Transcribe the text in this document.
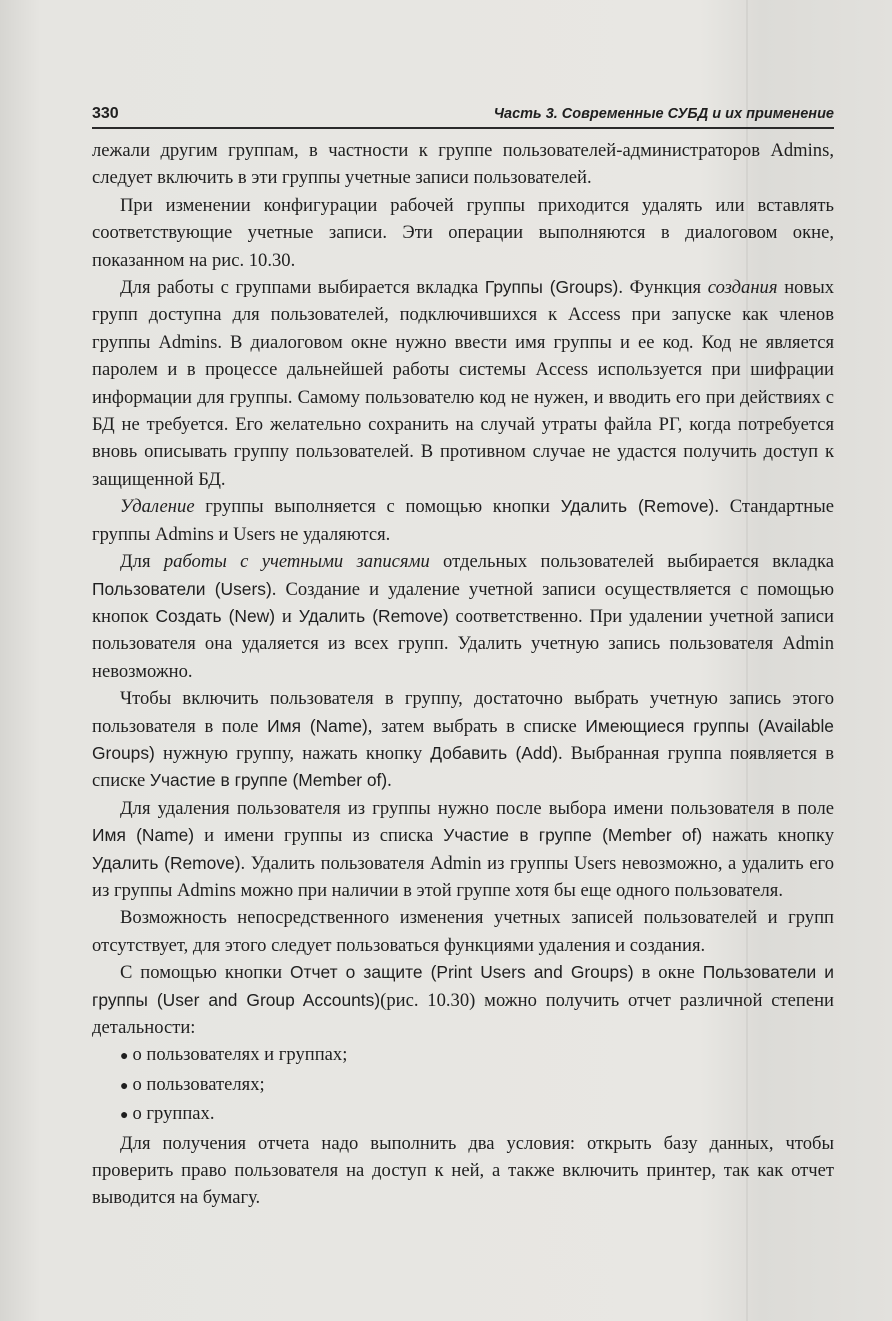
330	Часть 3. Современные СУБД и их применение

лежали другим группам, в частности к группе пользователей-администраторов Admins, следует включить в эти группы учетные записи пользователей.

При изменении конфигурации рабочей группы приходится удалять или вставлять соответствующие учетные записи. Эти операции выполняются в диалоговом окне, показанном на рис. 10.30.

Для работы с группами выбирается вкладка Группы (Groups). Функция создания новых групп доступна для пользователей, подключившихся к Access при запуске как членов группы Admins. В диалоговом окне нужно ввести имя группы и ее код. Код не является паролем и в процессе дальнейшей работы системы Access используется при шифрации информации для группы. Самому пользователю код не нужен, и вводить его при действиях с БД не требуется. Его желательно сохранить на случай утраты файла РГ, когда потребуется вновь описывать группу пользователей. В противном случае не удастся получить доступ к защищенной БД.

Удаление группы выполняется с помощью кнопки Удалить (Remove). Стандартные группы Admins и Users не удаляются.

Для работы с учетными записями отдельных пользователей выбирается вкладка Пользователи (Users). Создание и удаление учетной записи осуществляется с помощью кнопок Создать (New) и Удалить (Remove) соответственно. При удалении учетной записи пользователя она удаляется из всех групп. Удалить учетную запись пользователя Admin невозможно.

Чтобы включить пользователя в группу, достаточно выбрать учетную запись этого пользователя в поле Имя (Name), затем выбрать в списке Имеющиеся группы (Available Groups) нужную группу, нажать кнопку Добавить (Add). Выбранная группа появляется в списке Участие в группе (Member of).

Для удаления пользователя из группы нужно после выбора имени пользователя в поле Имя (Name) и имени группы из списка Участие в группе (Member of) нажать кнопку Удалить (Remove). Удалить пользователя Admin из группы Users невозможно, а удалить его из группы Admins можно при наличии в этой группе хотя бы еще одного пользователя.

Возможность непосредственного изменения учетных записей пользователей и групп отсутствует, для этого следует пользоваться функциями удаления и создания.

С помощью кнопки Отчет о защите (Print Users and Groups) в окне Пользователи и группы (User and Group Accounts)(рис. 10.30) можно получить отчет различной степени детальности:

● о пользователях и группах;
● о пользователях;
● о группах.

Для получения отчета надо выполнить два условия: открыть базу данных, чтобы проверить право пользователя на доступ к ней, а также включить принтер, так как отчет выводится на бумагу.
